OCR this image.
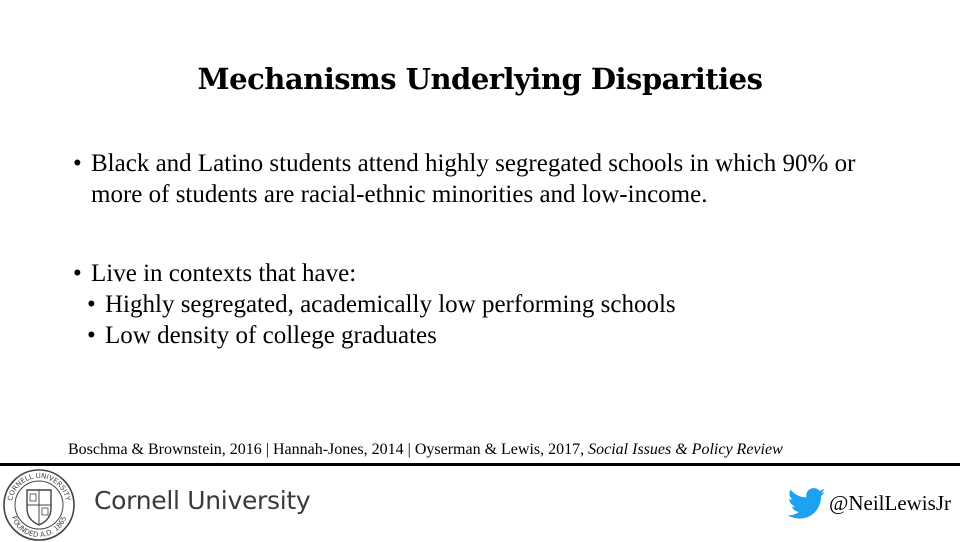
Mechanisms Underlying Disparities
• Black and Latino students attend highly segregated schools in which 90% or more of students are racial-ethnic minorities and low-income.
• Live in contexts that have:
• Highly segregated, academically low performing schools
• Low density of college graduates
Boschma & Brownstein, 2016 | Hannah-Jones, 2014 | Oyserman & Lewis, 2017, Social Issues & Policy Review
CORNELL UNIVERSITY
FOUNDED A.D. 1865
Cornell University	@NeilLewisJr
